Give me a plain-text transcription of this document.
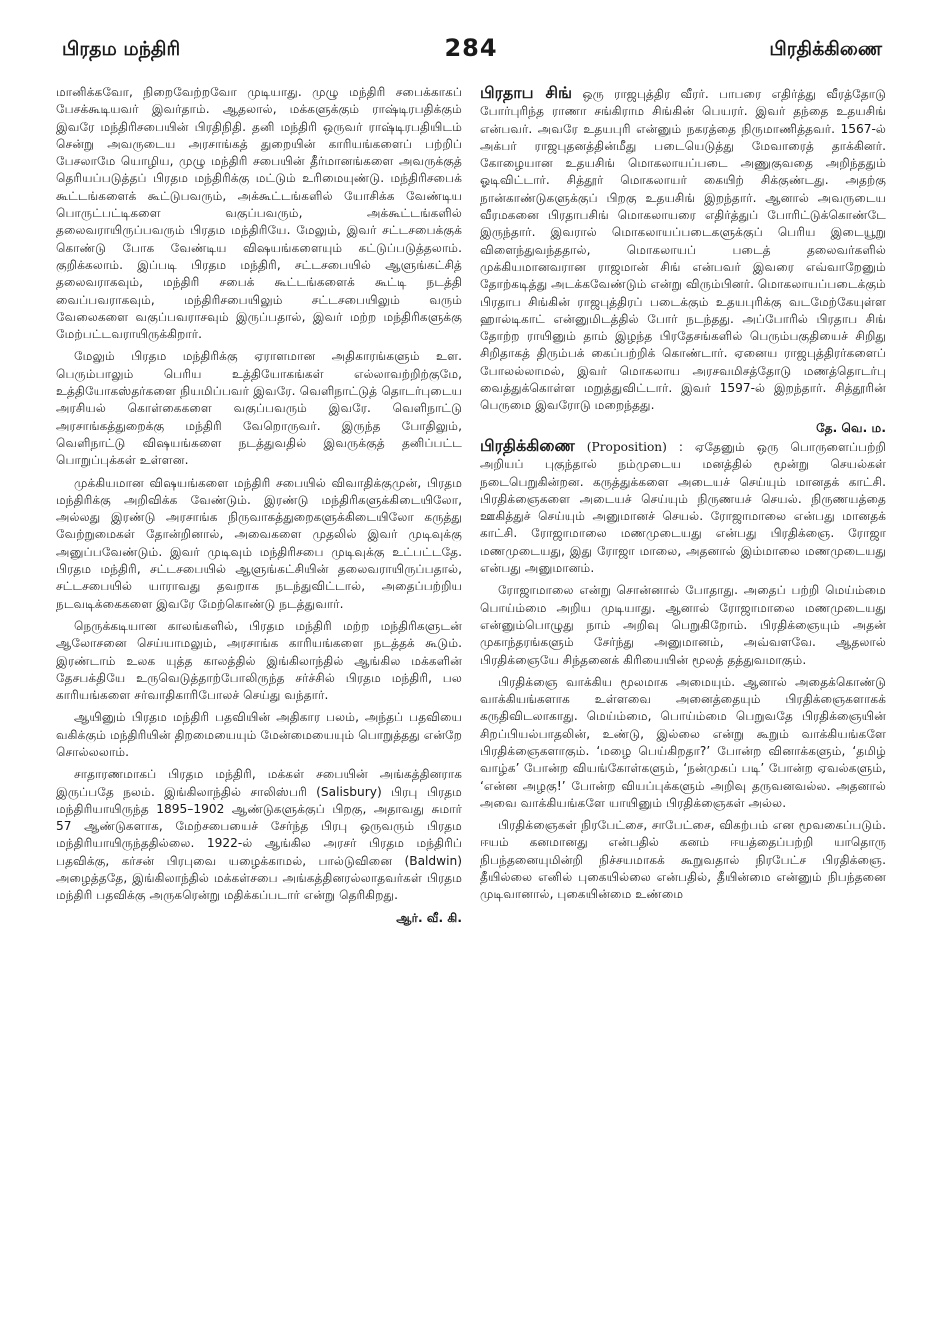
பிரதம மந்திரி	284	பிரதிக்கிணை

மானிக்கவோ, நிறைவேற்றவோ முடியாது. முழு மந்திரி சபைக்காகப் பேசக்கூடியவர் இவர்தாம். ஆதலால், மக்களுக்கும் ராஷ்டிரபதிக்கும் இவரே மந்திரிசபையின் பிரதிநிதி. தனி மந்திரி ஒருவர் ராஷ்டிரபதியிடம் சென்று அவருடைய அரசாங்கத் துறையின் காரியங்களைப் பற்றிப் பேசலாமே யொழிய, முழு மந்திரி சபையின் தீர்மானங்களை அவருக்குத் தெரியப்படுத்தப் பிரதம மந்திரிக்கு மட்டும் உரிமையுண்டு. மந்திரிசபைக் கூட்டங்களைக் கூட்டுபவரும், அக்கூட்டங்களில் யோசிக்க வேண்டிய பொருட்பட்டிகளை வகுப்பவரும், அக்கூட்டங்களில் தலைவராயிருப்பவரும் பிரதம மந்திரியே. மேலும், இவர் சட்டசபைக்குக் கொண்டு போக வேண்டிய விஷயங்களையும் கட்டுப்படுத்தலாம். குறிக்கலாம். இப்படி பிரதம மந்திரி, சட்டசபையில் ஆளுங்கட்சித் தலைவராகவும், மந்திரி சபைக் கூட்டங்களைக் கூட்டி நடத்தி வைப்பவராகவும், மந்திரிசபையிலும் சட்டசபையிலும் வரும் வேலைகளை வகுப்பவராசவும் இருப்பதால், இவர் மற்ற மந்திரிகளுக்கு மேற்பட்டவராயிருக்கிறார்.

மேலும் பிரதம மந்திரிக்கு ஏராளமான அதிகாரங்களும் உள. பெரும்பாலும் பெரிய உத்தியோகங்கள் எல்லாவற்றிற்குமே, உத்தியோகஸ்தர்களை நியமிப்பவர் இவரே. வெளிநாட்டுத் தொடர்புடைய அரசியல் கொள்கைகளை வகுப்பவரும் இவரே. வெளிநாட்டு அரசாங்கத்துறைக்கு மந்திரி வேறொருவர். இருந்த போதிலும், வெளிநாட்டு விஷயங்களை நடத்துவதில் இவருக்குத் தனிப்பட்ட பொறுப்புக்கள் உள்ளன.

முக்கியமான விஷயங்களை மந்திரி சபையில் விவாதிக்குமுன், பிரதம மந்திரிக்கு அறிவிக்க வேண்டும். இரண்டு மந்திரிகளுக்கிடையிலோ, அல்லது இரண்டு அரசாங்க நிருவாகத்துறைகளுக்கிடையிலோ கருத்து வேற்றுமைகள் தோன்றினால், அவைகளை முதலில் இவர் முடிவுக்கு அனுப்பவேண்டும். இவர் முடிவும் மந்திரிசபை முடிவுக்கு உட்பட்டதே. பிரதம மந்திரி, சட்டசபையில் ஆளுங்கட்சியின் தலைவராயிருப்பதால், சட்டசபையில் யாராவது தவறாக நடந்துவிட்டால், அதைப்பற்றிய நடவடிக்கைகளை இவரே மேற்கொண்டு நடத்துவார்.

நெருக்கடியான காலங்களில், பிரதம மந்திரி மற்ற மந்திரிகளுடன் ஆலோசனை செய்யாமலும், அரசாங்க காரியங்களை நடத்தக் கூடும். இரண்டாம் உலக யுத்த காலத்தில் இங்கிலாந்தில் ஆங்கில மக்களின் தேசபக்தியே உருவெடுத்தாற்போலிருந்த சர்ச்சில் பிரதம மந்திரி, பல காரியங்களை சர்வாதிகாரிபோலச் செய்து வந்தார்.

ஆயினும் பிரதம மந்திரி பதவியின் அதிகார பலம், அந்தப் பதவியை வகிக்கும் மந்திரியின் திறமையையும் மேன்மையையும் பொறுத்தது என்றே சொல்லலாம்.

சாதாரணமாகப் பிரதம மந்திரி, மக்கள் சபையின் அங்கத்தினராக இருப்பதே நலம். இங்கிலாந்தில் சாலிஸ்பரி (Salisbury) பிரபு பிரதம மந்திரியாயிருந்த 1895–1902 ஆண்டுகளுக்குப் பிறகு, அதாவது சுமார் 57 ஆண்டுகளாக, மேற்சபையைச் சேர்ந்த பிரபு ஒருவரும் பிரதம மந்திரியாயிருந்ததில்லை. 1922-ல் ஆங்கில அரசர் பிரதம மந்திரிப் பதவிக்கு, கர்சன் பிரபுவை யழைக்காமல், பால்டுவினை (Baldwin) அழைத்ததே, இங்கிலாந்தில் மக்கள்சபை அங்கத்தினரல்லாதவர்கள் பிரதம மந்திரி பதவிக்கு அருகரென்று மதிக்கப்படார் என்று தெரிகிறது.

ஆர். வீ. கி.

பிரதாப சிங் ஒரு ராஜபுத்திர வீரர். பாபரை எதிர்த்து வீரத்தோடு போர்புரிந்த ராணா சங்கிராம சிங்கின் பெயரர். இவர் தந்தை உதயசிங் என்பவர். அவரே உதயபுரி என்னும் நகரத்தை நிருமாணித்தவர். 1567-ல் அக்பர் ராஜபுதனத்தின்மீது படையெடுத்து மேவாரைத் தாக்கினர். கோழையான உதயசிங் மொகலாயப்படை அணுகுவதை அறிந்ததும் ஓடிவிட்டார். சித்தூர் மொகலாயர் கையிற் சிக்குண்டது. அதற்கு நான்காண்டுகளுக்குப் பிறகு உதயசிங் இறந்தார். ஆனால் அவருடைய வீரமகனை பிரதாபசிங் மொகலாயரை எதிர்த்துப் போரிட்டுக்கொண்டே இருந்தார். இவரால் மொகலாயப்படைகளுக்குப் பெரிய இடையூறு விளைந்துவந்ததால், மொகலாயப் படைத் தலைவர்களில் முக்கியமானவரான ராஜமான் சிங் என்பவர் இவரை எவ்வாறேனும் தோற்கடித்து அடக்கவேண்டும் என்று விரும்பினர். மொகலாயப்படைக்கும் பிரதாப சிங்கின் ராஜபுத்திரப் படைக்கும் உதயபுரிக்கு வடமேற்கேயுள்ள ஹால்டிகாட் என்னுமிடத்தில் போர் நடந்தது. அப்போரில் பிரதாப சிங் தோற்ற ராயினும் தாம் இழந்த பிரதேசங்களில் பெரும்பகுதியைச் சிறிது சிறிதாகத் திரும்பக் கைப்பற்றிக் கொண்டார். ஏனைய ராஜபுத்திரர்களைப் போலல்லாமல், இவர் மொகலாய அரசவமிசத்தோடு மணத்தொடர்பு வைத்துக்கொள்ள மறுத்துவிட்டார். இவர் 1597-ல் இறந்தார். சித்தூரின் பெருமை இவரோடு மறைந்தது.

தே. வெ. ம.

பிரதிக்கிணை (Proposition) : ஏதேனும் ஒரு பொருளைப்பற்றி அறியப் புகுந்தால் நம்முடைய மனத்தில் மூன்று செயல்கள் நடைபெறுகின்றன. கருத்துக்களை அடையச் செய்யும் மானதக் காட்சி. பிரதிக்ஞைகளை அடையச் செய்யும் நிருணயச் செயல். நிருணயத்தை ஊகித்துச் செய்யும் அனுமானச் செயல். ரோஜாமாலை என்பது மானதக் காட்சி. ரோஜாமாலை மணமுடையது என்பது பிரதிக்ஞை. ரோஜா மணமுடையது, இது ரோஜா மாலை, அதனால் இம்மாலை மணமுடையது என்பது அனுமானம்.

ரோஜாமாலை என்று சொன்னால் போதாது. அதைப் பற்றி மெய்ம்மை பொய்ம்மை அறிய முடியாது. ஆனால் ரோஜாமாலை மணமுடையது என்னும்பொழுது நாம் அறிவு பெறுகிறோம். பிரதிக்ஞையும் அதன் முகாந்தரங்களும் சேர்ந்து அனுமானம், அவ்வளவே. ஆதலால் பிரதிக்ஞையே சிந்தனைக் கிரியையின் மூலத் தத்துவமாகும்.

பிரதிக்ஞை வாக்கிய மூலமாக அமையும். ஆனால் அதைக்கொண்டு வாக்கியங்களாக உள்ளவை அனைத்தையும் பிரதிக்ஞைகளாகக் கருதிவிடலாகாது. மெய்ம்மை, பொய்ம்மை பெறுவதே பிரதிக்ஞையின் சிறப்பியல்பாதலின், உண்டு, இல்லை என்று கூறும் வாக்கியங்களே பிரதிக்ஞைகளாகும். ‘மழை பெய்கிறதா?’ போன்ற வினாக்களும், ‘தமிழ் வாழ்க’ போன்ற வியங்கோள்களும், ‘நன்முகப் படி’ போன்ற ஏவல்களும், ‘என்ன அழகு!’ போன்ற வியப்புக்களும் அறிவு தருவனவல்ல. அதனால் அவை வாக்கியங்களே யாயினும் பிரதிக்ஞைகள் அல்ல.

பிரதிக்ஞைகள் நிரபேட்சை, சாபேட்சை, விகற்பம் என மூவகைப்படும். ஈயம் கனமானது என்பதில் கனம் ஈயத்தைப்பற்றி யாதொரு நிபந்தனையுமின்றி நிச்சயமாகக் கூறுவதால் நிரபேட்ச பிரதிக்ஞை. தீயில்லை எனில் புகையில்லை என்பதில், தீயின்மை என்னும் நிபந்தனை முடிவானால், புகையின்மை உண்மை
